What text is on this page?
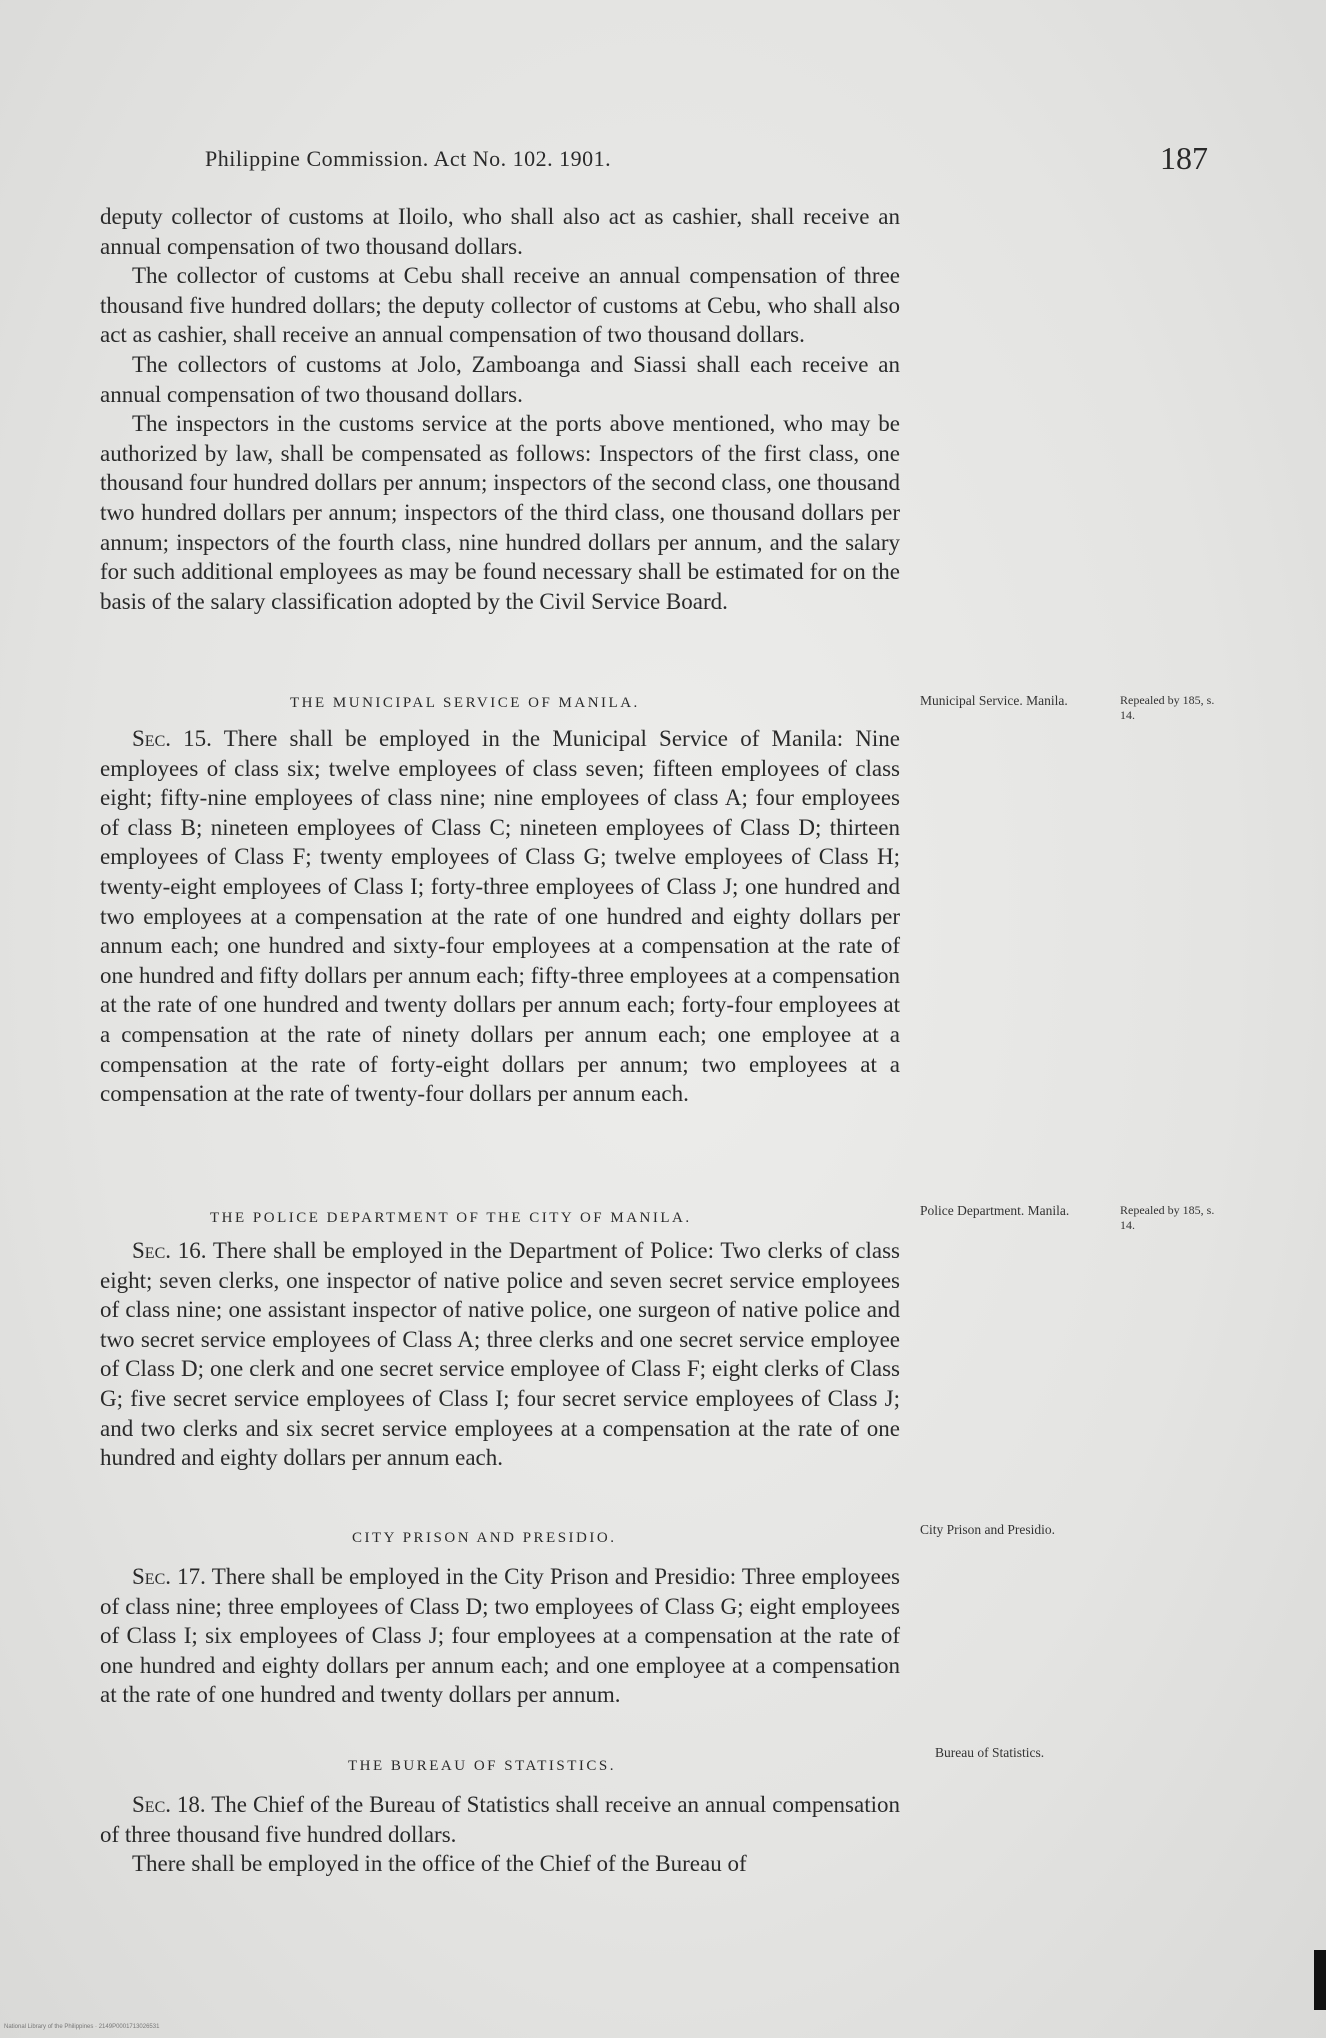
Philippine Commission. Act No. 102. 1901.	187

deputy collector of customs at Iloilo, who shall also act as cashier, shall receive an annual compensation of two thousand dollars.

The collector of customs at Cebu shall receive an annual compensation of three thousand five hundred dollars; the deputy collector of customs at Cebu, who shall also act as cashier, shall receive an annual compensation of two thousand dollars.

The collectors of customs at Jolo, Zamboanga and Siassi shall each receive an annual compensation of two thousand dollars.

The inspectors in the customs service at the ports above mentioned, who may be authorized by law, shall be compensated as follows: Inspectors of the first class, one thousand four hundred dollars per annum; inspectors of the second class, one thousand two hundred dollars per annum; inspectors of the third class, one thousand dollars per annum; inspectors of the fourth class, nine hundred dollars per annum, and the salary for such additional employees as may be found necessary shall be estimated for on the basis of the salary classification adopted by the Civil Service Board.

THE MUNICIPAL SERVICE OF MANILA.	Municipal Service. Manila.	Repealed by 185, s. 14.

Sec. 15. There shall be employed in the Municipal Service of Manila: Nine employees of class six; twelve employees of class seven; fifteen employees of class eight; fifty-nine employees of class nine; nine employees of class A; four employees of class B; nineteen employees of Class C; nineteen employees of Class D; thirteen employees of Class F; twenty employees of Class G; twelve employees of Class H; twenty-eight employees of Class I; forty-three employees of Class J; one hundred and two employees at a compensation at the rate of one hundred and eighty dollars per annum each; one hundred and sixty-four employees at a compensation at the rate of one hundred and fifty dollars per annum each; fifty-three employees at a compensation at the rate of one hundred and twenty dollars per annum each; forty-four employees at a compensation at the rate of ninety dollars per annum each; one employee at a compensation at the rate of forty-eight dollars per annum; two employees at a compensation at the rate of twenty-four dollars per annum each.

THE POLICE DEPARTMENT OF THE CITY OF MANILA.	Police Department. Manila.	Repealed by 185, s. 14.

Sec. 16. There shall be employed in the Department of Police: Two clerks of class eight; seven clerks, one inspector of native police and seven secret service employees of class nine; one assistant inspector of native police, one surgeon of native police and two secret service employees of Class A; three clerks and one secret service employee of Class D; one clerk and one secret service employee of Class F; eight clerks of Class G; five secret service employees of Class I; four secret service employees of Class J; and two clerks and six secret service employees at a compensation at the rate of one hundred and eighty dollars per annum each.

CITY PRISON AND PRESIDIO.
City Prison and Presidio.

Sec. 17. There shall be employed in the City Prison and Presidio: Three employees of class nine; three employees of Class D; two employees of Class G; eight employees of Class I; six employees of Class J; four employees at a compensation at the rate of one hundred and eighty dollars per annum each; and one employee at a compensation at the rate of one hundred and twenty dollars per annum.

THE BUREAU OF STATISTICS.
Bureau of Statistics.

Sec. 18. The Chief of the Bureau of Statistics shall receive an annual compensation of three thousand five hundred dollars.

There shall be employed in the office of the Chief of the Bureau of

National Library of the Philippines · 2149P0001713026531
